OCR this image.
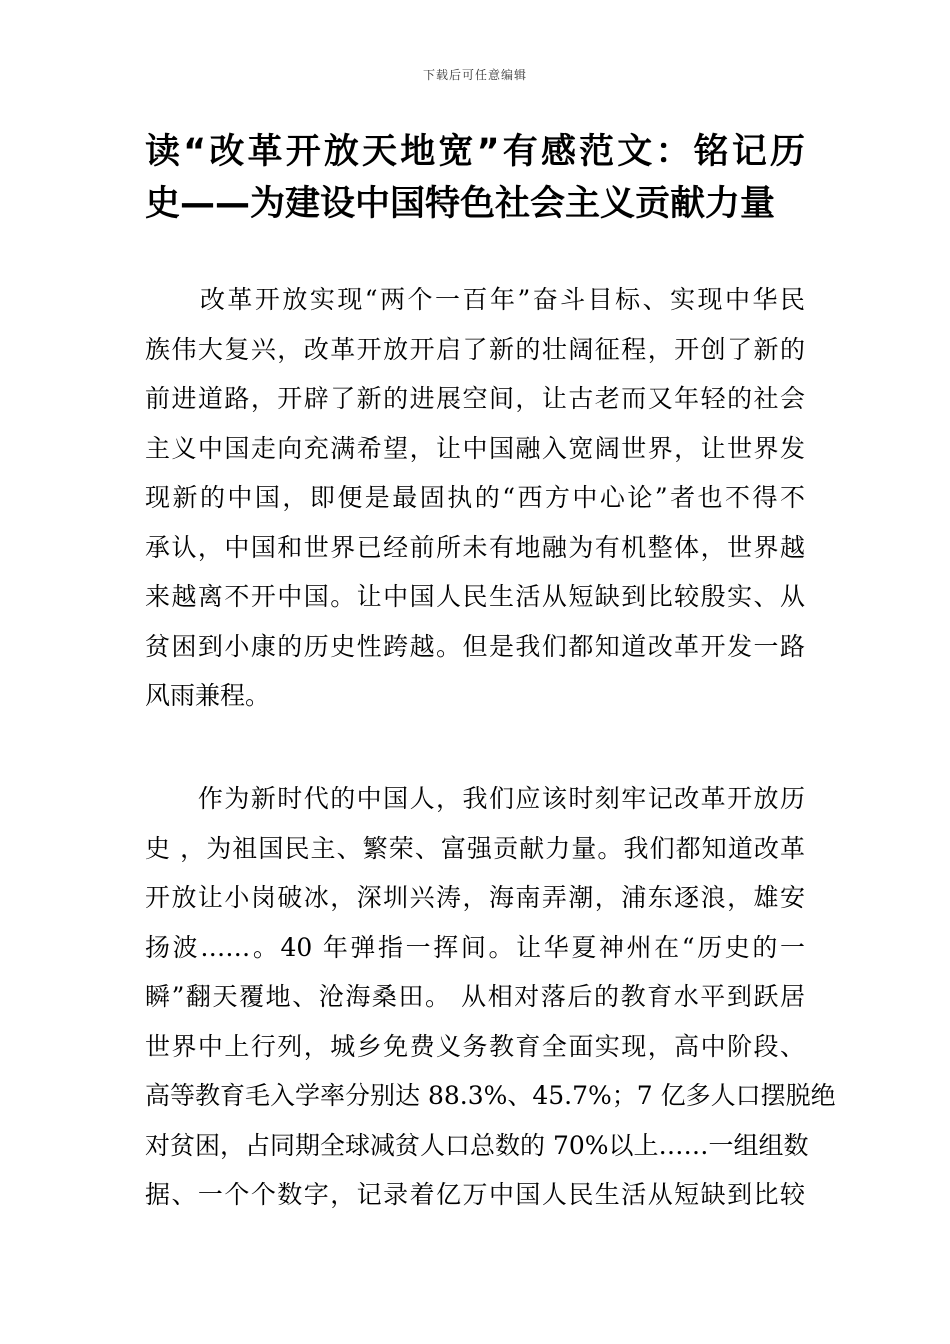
下载后可任意编辑
读“改革开放天地宽”有感范文：铭记历
史——为建设中国特色社会主义贡献力量
　　改革开放实现“两个一百年”奋斗目标、实现中华民
族伟大复兴，改革开放开启了新的壮阔征程，开创了新的
前进道路，开辟了新的进展空间，让古老而又年轻的社会
主义中国走向充满希望，让中国融入宽阔世界，让世界发
现新的中国，即便是最固执的“西方中心论”者也不得不
承认，中国和世界已经前所未有地融为有机整体，世界越
来越离不开中国。让中国人民生活从短缺到比较殷实、从
贫困到小康的历史性跨越。但是我们都知道改革开发一路
风雨兼程。
　　作为新时代的中国人，我们应该时刻牢记改革开放历
史 ，为祖国民主、繁荣、富强贡献力量。我们都知道改革
开放让小岗破冰，深圳兴涛，海南弄潮，浦东逐浪，雄安
扬波……。40 年弹指一挥间。让华夏神州在“历史的一
瞬”翻天覆地、沧海桑田。 从相对落后的教育水平到跃居
世界中上行列，城乡免费义务教育全面实现，高中阶段、
高等教育毛入学率分别达 88.3%、45.7%；7 亿多人口摆脱绝
对贫困，占同期全球减贫人口总数的 70%以上……一组组数
据、一个个数字，记录着亿万中国人民生活从短缺到比较
